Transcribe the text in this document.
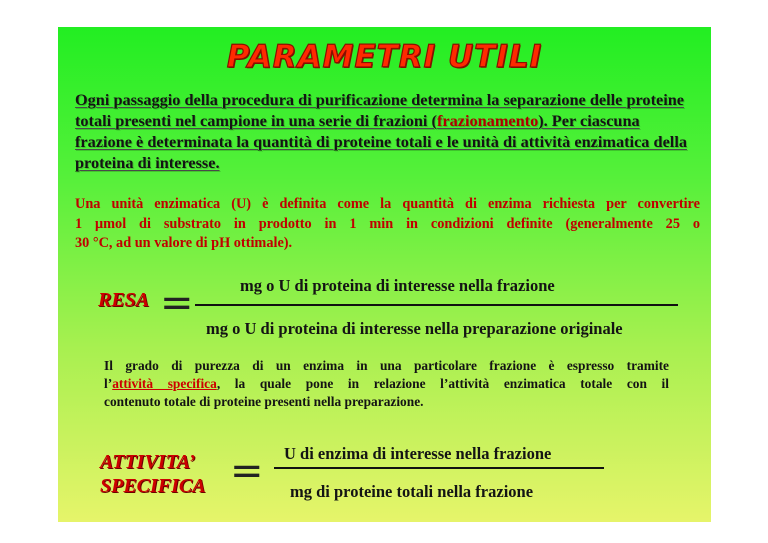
PARAMETRI UTILI
Ogni passaggio della procedura di purificazione determina la separazione delle proteine totali presenti nel campione in una serie di frazioni (frazionamento). Per ciascuna frazione è determinata la quantità di proteine totali e le unità di attività enzimatica della proteina di interesse.
Una unità enzimatica (U) è definita come la quantità di enzima richiesta per convertire
1 μmol di substrato in prodotto in 1 min in condizioni definite (generalmente 25 o
30 °C, ad un valore di pH ottimale).
RESA =	mg o U di proteina di interesse nella frazione
mg o U di proteina di interesse nella preparazione originale
Il grado di purezza di un enzima in una particolare frazione è espresso tramite
l’attività specifica, la quale pone in relazione l’attività enzimatica totale con il
contenuto totale di proteine presenti nella preparazione.
ATTIVITA’
SPECIFICA = U di enzima di interesse nella frazione
mg di proteine totali nella frazione
